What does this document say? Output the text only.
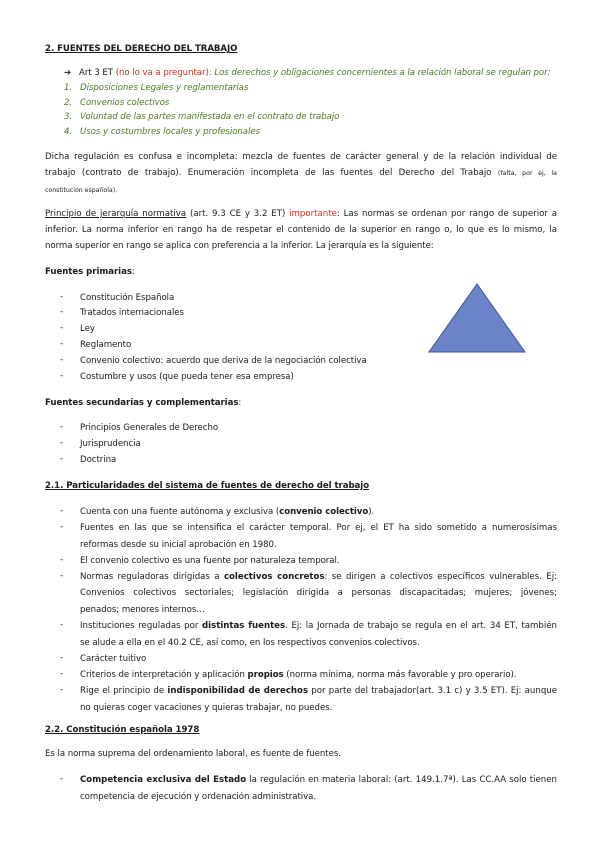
2. FUENTES DEL DERECHO DEL TRABAJO
➔ Art 3 ET (no lo va a preguntar): Los derechos y obligaciones concernientes a la relación laboral se regulan por:
1. Disposiciones Legales y reglamentarias
2. Convenios colectivos
3. Voluntad de las partes manifestada en el contrato de trabajo
4. Usos y costumbres locales y profesionales
Dicha regulación es confusa e incompleta: mezcla de fuentes de carácter general y de la relación individual de
trabajo (contrato de trabajo). Enumeración incompleta de las fuentes del Derecho del Trabajo (falta, por ej, la
constitución española).
Principio de jerarquía normativa (art. 9.3 CE y 3.2 ET) importante: Las normas se ordenan por rango de superior a
inferior. La norma inferior en rango ha de respetar el contenido de la superior en rango o, lo que es lo mismo, la
norma superior en rango se aplica con preferencia a la inferior. La jerarquía es la siguiente:
Fuentes primarias:
- Constitución Española
- Tratados internacionales
- Ley
- Reglamento
- Convenio colectivo: acuerdo que deriva de la negociación colectiva
- Costumbre y usos (que pueda tener esa empresa)
Fuentes secundarias y complementarias:
- Principios Generales de Derecho
- Jurisprudencia
- Doctrina
2.1. Particularidades del sistema de fuentes de derecho del trabajo
- Cuenta con una fuente autónoma y exclusiva (convenio colectivo).
- Fuentes en las que se intensifica el carácter temporal. Por ej, el ET ha sido sometido a numerosísimas
reformas desde su inicial aprobación en 1980.
- El convenio colectivo es una fuente por naturaleza temporal.
- Normas reguladoras dirigidas a colectivos concretos: se dirigen a colectivos específicos vulnerables. Ej:
Convenios colectivos sectoriales; legislación dirigida a personas discapacitadas; mujeres; jóvenes;
penados; menores internos…
- Instituciones reguladas por distintas fuentes. Ej: la Jornada de trabajo se regula en el art. 34 ET, también
se alude a ella en el 40.2 CE, así como, en los respectivos convenios colectivos.
- Carácter tuitivo
- Criterios de interpretación y aplicación propios (norma mínima, norma más favorable y pro operario).
- Rige el principio de indisponibilidad de derechos por parte del trabajador(art. 3.1 c) y 3.5 ET). Ej: aunque
no quieras coger vacaciones y quieras trabajar, no puedes.
2.2. Constitución española 1978
Es la norma suprema del ordenamiento laboral, es fuente de fuentes.
- Competencia exclusiva del Estado la regulación en materia laboral: (art. 149.1.7ª). Las CC.AA solo tienen
competencia de ejecución y ordenación administrativa.
